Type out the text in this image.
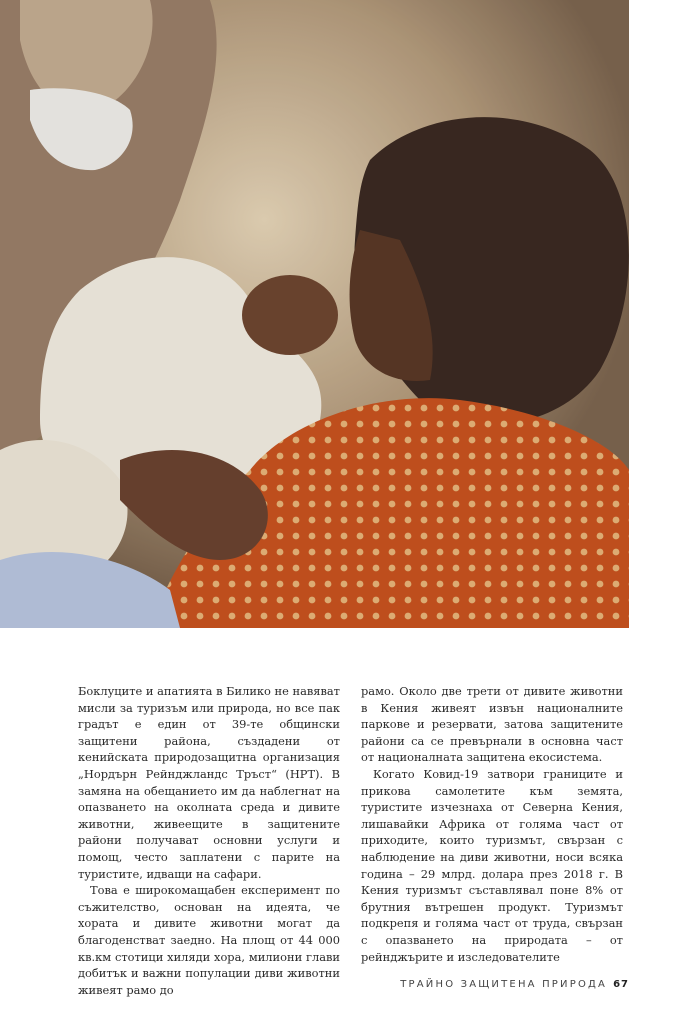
Боклуците и апатията в Билико не навяват мисли за туризъм или природа, но все пак градът е един от 39-те общински защитени района, създадени от кенийската природозащитна организация „Нордърн Рейнджландс Тръст“ (НРТ). В замяна на обещанието им да наблегнат на опазването на околната среда и дивите животни, живеещите в защитените райони получават основни услуги и помощ, често заплатени с парите на туристите, идващи на сафари.

Това е широкомащабен експеримент по съжителство, основан на идеята, че хората и дивите животни могат да благоденстват заедно. На площ от 44 000 кв.км стотици хиляди хора, милиони глави добитък и важни популации диви животни живеят рамо до

рамо. Около две трети от дивите животни в Кения живеят извън националните паркове и резервати, затова защитените райони са се превърнали в основна част от националната защитена екосистема.

Когато Ковид-19 затвори границите и прикова самолетите към земята, туристите изчезнаха от Северна Кения, лишавайки Африка от голяма част от приходите, които туризмът, свързан с наблюдение на диви животни, носи всяка година – 29 млрд. долара през 2018 г. В Кения туризмът съставлявал поне 8% от брутния вътрешен продукт. Туризмът подкрепя и голяма част от труда, свързан с опазването на природата – от рейнджърите и изследователите

ТРАЙНО ЗАЩИТЕНА ПРИРОДА 67
